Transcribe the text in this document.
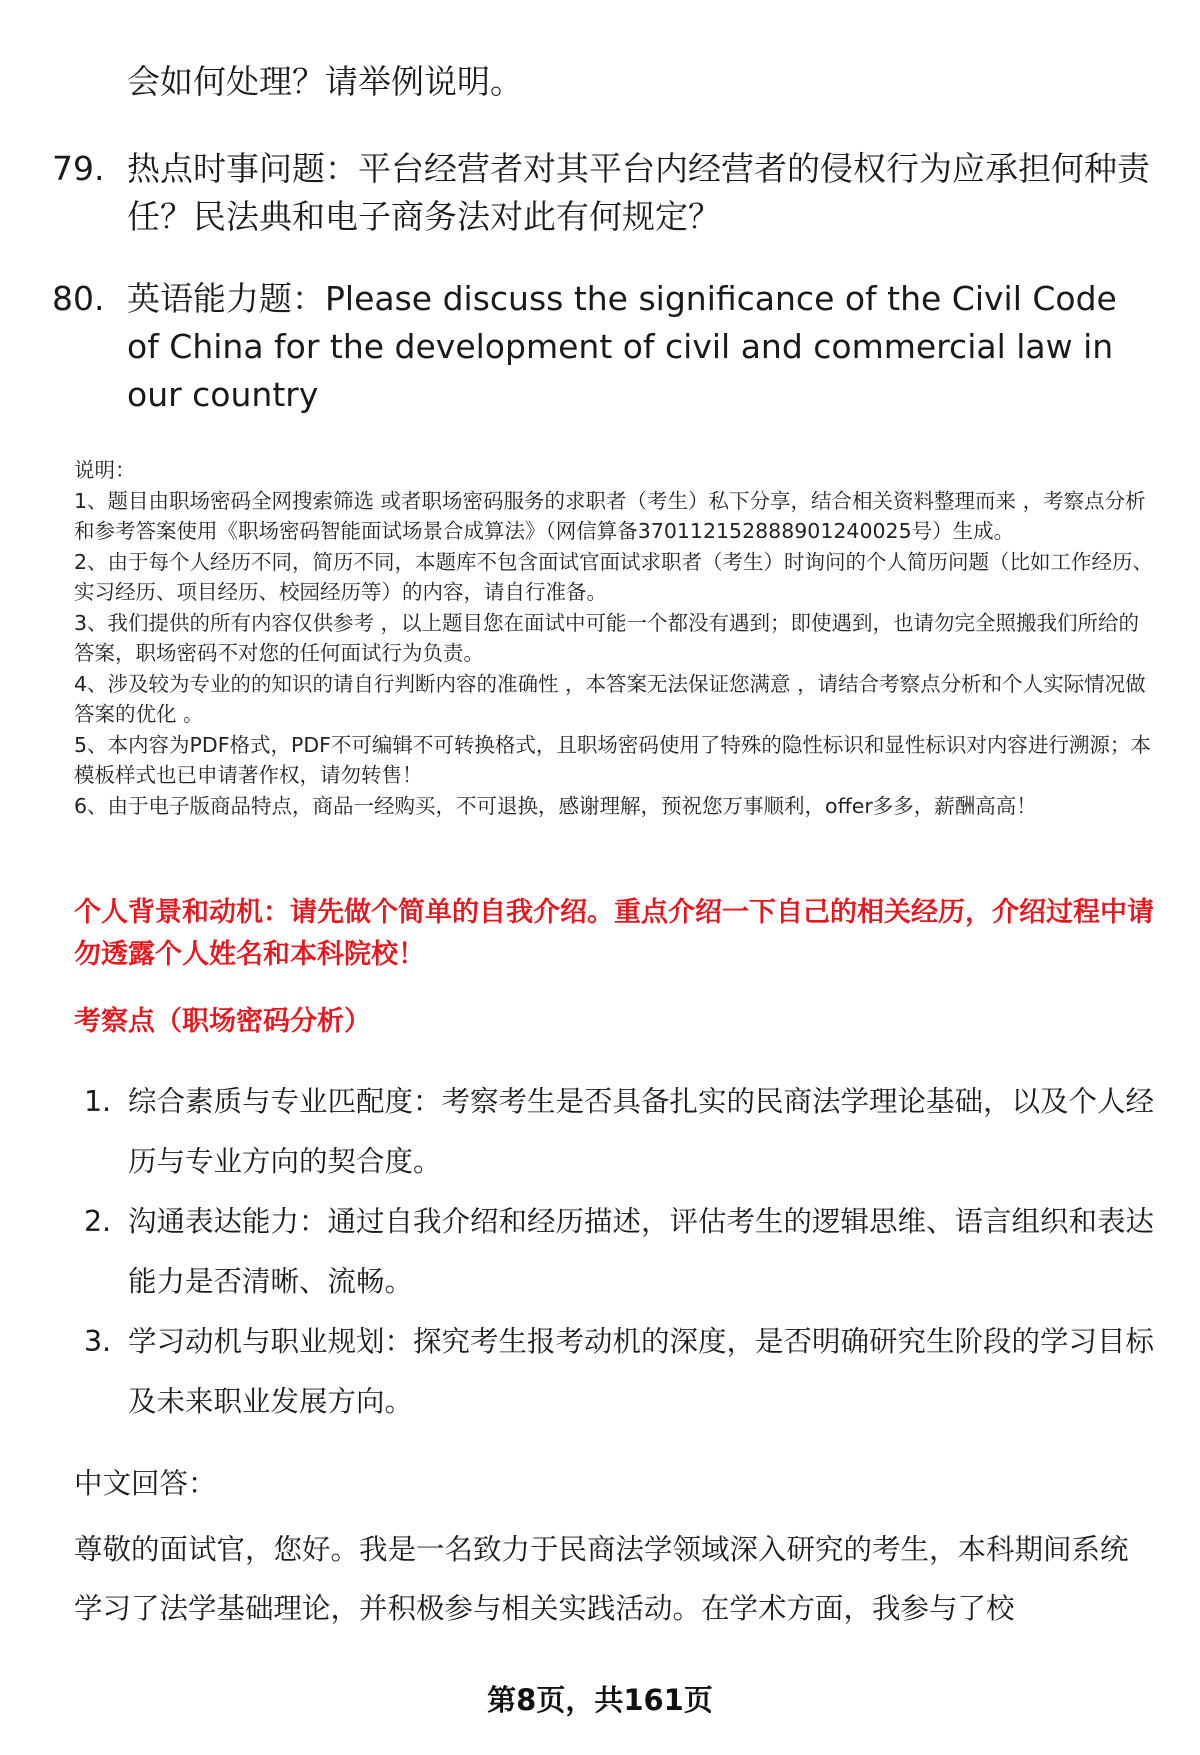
会如何处理？请举例说明。
79. 热点时事问题：平台经营者对其平台内经营者的侵权行为应承担何种责任？民法典和电子商务法对此有何规定？
80. 英语能力题：Please discuss the significance of the Civil Code of China for the development of civil and commercial law in our country

说明：

1、题目由职场密码全网搜索筛选 或者职场密码服务的求职者（考生）私下分享，结合相关资料整理而来 ，考察点分析和参考答案使用《职场密码智能面试场景合成算法》（网信算备370112152888901240025号）生成。

2、由于每个人经历不同，简历不同，本题库不包含面试官面试求职者（考生）时询问的个人简历问题（比如工作经历、实习经历、项目经历、校园经历等）的内容，请自行准备。

3、我们提供的所有内容仅供参考 ，以上题目您在面试中可能一个都没有遇到；即使遇到，也请勿完全照搬我们所给的答案，职场密码不对您的任何面试行为负责。

4、涉及较为专业的的知识的请自行判断内容的准确性 ，本答案无法保证您满意 ，请结合考察点分析和个人实际情况做答案的优化 。

5、本内容为PDF格式，PDF不可编辑不可转换格式，且职场密码使用了特殊的隐性标识和显性标识对内容进行溯源；本模板样式也已申请著作权，请勿转售！

6、由于电子版商品特点，商品一经购买，不可退换，感谢理解，预祝您万事顺利，offer多多，薪酬高高！

个人背景和动机：请先做个简单的自我介绍。重点介绍一下自己的相关经历，介绍过程中请勿透露个人姓名和本科院校！
考察点（职场密码分析）
1. 综合素质与专业匹配度：考察考生是否具备扎实的民商法学理论基础，以及个人经历与专业方向的契合度。
2. 沟通表达能力：通过自我介绍和经历描述，评估考生的逻辑思维、语言组织和表达能力是否清晰、流畅。
3. 学习动机与职业规划：探究考生报考动机的深度，是否明确研究生阶段的学习目标及未来职业发展方向。
中文回答：
尊敬的面试官，您好。我是一名致力于民商法学领域深入研究的考生，本科期间系统学习了法学基础理论，并积极参与相关实践活动。在学术方面，我参与了校
第8页，共161页
